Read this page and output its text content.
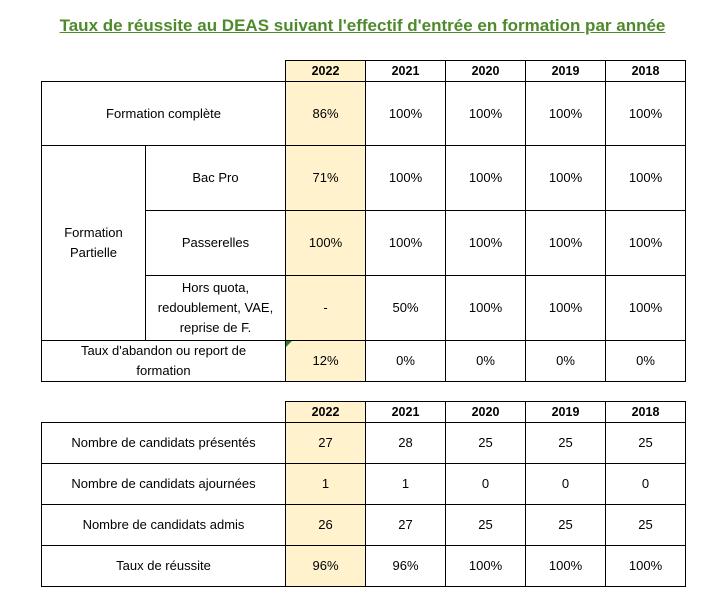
Taux de réussite au DEAS suivant l'effectif d'entrée en formation par année
		2022	2021	2020	2019	2018
Formation complète		86%	100%	100%	100%	100%
Formation
Partielle	Bac Pro	71%	100%	100%	100%	100%
	Passerelles	100%	100%	100%	100%	100%
	Hors quota,
redoublement, VAE,
reprise de F.	-	50%	100%	100%	100%
Taux d'abandon ou report de
formation		12%	0%	0%	0%	0%
	2022	2021	2020	2019	2018
Nombre de candidats présentés	27	28	25	25	25
Nombre de candidats ajournées	1	1	0	0	0
Nombre de candidats admis	26	27	25	25	25
Taux de réussite	96%	96%	100%	100%	100%
